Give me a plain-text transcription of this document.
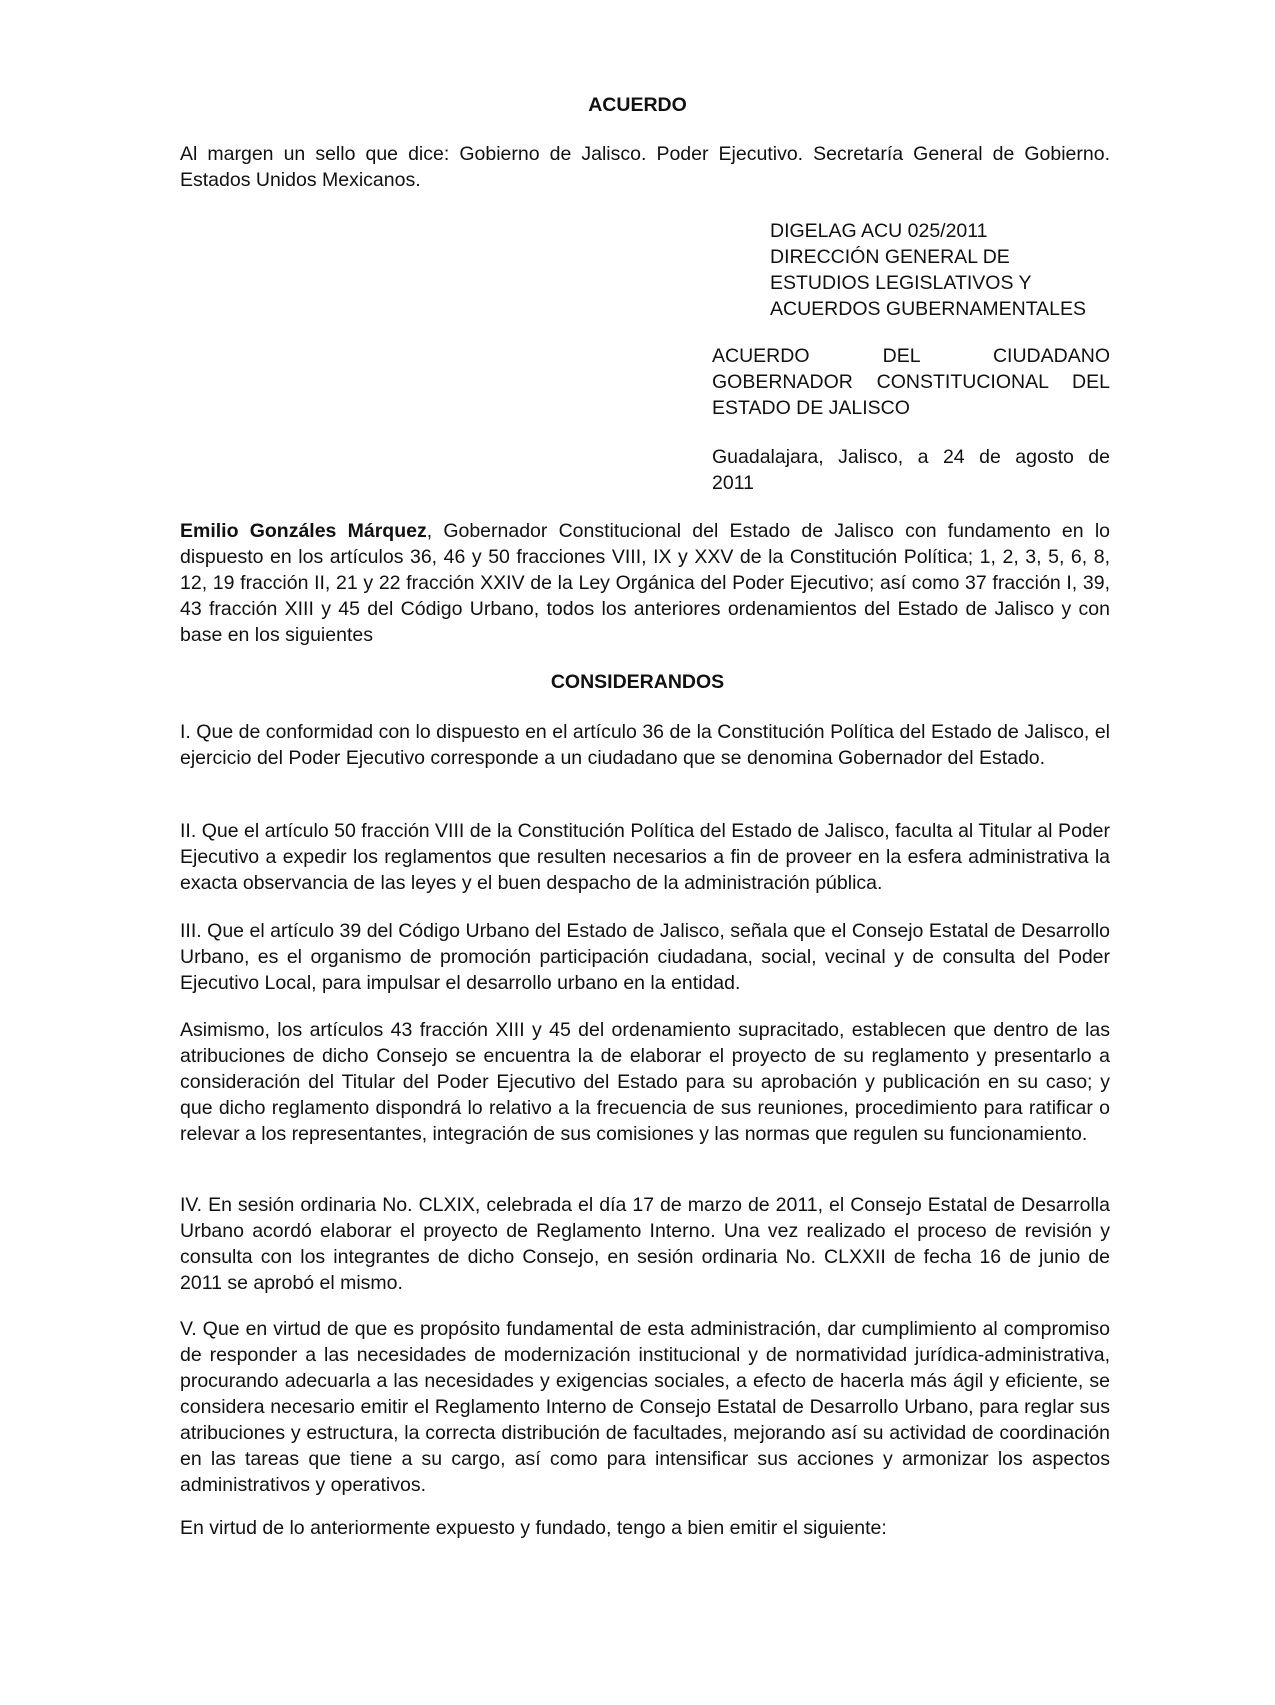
ACUERDO

Al margen un sello que dice: Gobierno de Jalisco. Poder Ejecutivo. Secretaría General de Gobierno. Estados Unidos Mexicanos.

DIGELAG ACU 025/2011
DIRECCIÓN GENERAL DE
ESTUDIOS LEGISLATIVOS Y
ACUERDOS GUBERNAMENTALES
ACUERDO DEL CIUDADANO
GOBERNADOR CONSTITUCIONAL DEL
ESTADO DE JALISCO
Guadalajara, Jalisco, a 24 de agosto de
2011

Emilio Gonzáles Márquez, Gobernador Constitucional del Estado de Jalisco con fundamento en lo dispuesto en los artículos 36, 46 y 50 fracciones VIII, IX y XXV de la Constitución Política; 1, 2, 3, 5, 6, 8, 12, 19 fracción II, 21 y 22 fracción XXIV de la Ley Orgánica del Poder Ejecutivo; así como 37 fracción I, 39, 43 fracción XIII y 45 del Código Urbano, todos los anteriores ordenamientos del Estado de Jalisco y con base en los siguientes

CONSIDERANDOS

I. Que de conformidad con lo dispuesto en el artículo 36 de la Constitución Política del Estado de Jalisco, el ejercicio del Poder Ejecutivo corresponde a un ciudadano que se denomina Gobernador del Estado.

II. Que el artículo 50 fracción VIII de la Constitución Política del Estado de Jalisco, faculta al Titular al Poder Ejecutivo a expedir los reglamentos que resulten necesarios a fin de proveer en la esfera administrativa la exacta observancia de las leyes y el buen despacho de la administración pública.

III. Que el artículo 39 del Código Urbano del Estado de Jalisco, señala que el Consejo Estatal de Desarrollo Urbano, es el organismo de promoción participación ciudadana, social, vecinal y de consulta del Poder Ejecutivo Local, para impulsar el desarrollo urbano en la entidad.

Asimismo, los artículos 43 fracción XIII y 45 del ordenamiento supracitado, establecen que dentro de las atribuciones de dicho Consejo se encuentra la de elaborar el proyecto de su reglamento y presentarlo a consideración del Titular del Poder Ejecutivo del Estado para su aprobación y publicación en su caso; y que dicho reglamento dispondrá lo relativo a la frecuencia de sus reuniones, procedimiento para ratificar o relevar a los representantes, integración de sus comisiones y las normas que regulen su funcionamiento.

IV. En sesión ordinaria No. CLXIX, celebrada el día 17 de marzo de 2011, el Consejo Estatal de Desarrolla Urbano acordó elaborar el proyecto de Reglamento Interno. Una vez realizado el proceso de revisión y consulta con los integrantes de dicho Consejo, en sesión ordinaria No. CLXXII de fecha 16 de junio de 2011 se aprobó el mismo.

V. Que en virtud de que es propósito fundamental de esta administración, dar cumplimiento al compromiso de responder a las necesidades de modernización institucional y de normatividad jurídica-administrativa, procurando adecuarla a las necesidades y exigencias sociales, a efecto de hacerla más ágil y eficiente, se considera necesario emitir el Reglamento Interno de Consejo Estatal de Desarrollo Urbano, para reglar sus atribuciones y estructura, la correcta distribución de facultades, mejorando así su actividad de coordinación en las tareas que tiene a su cargo, así como para intensificar sus acciones y armonizar los aspectos administrativos y operativos.

En virtud de lo anteriormente expuesto y fundado, tengo a bien emitir el siguiente:
